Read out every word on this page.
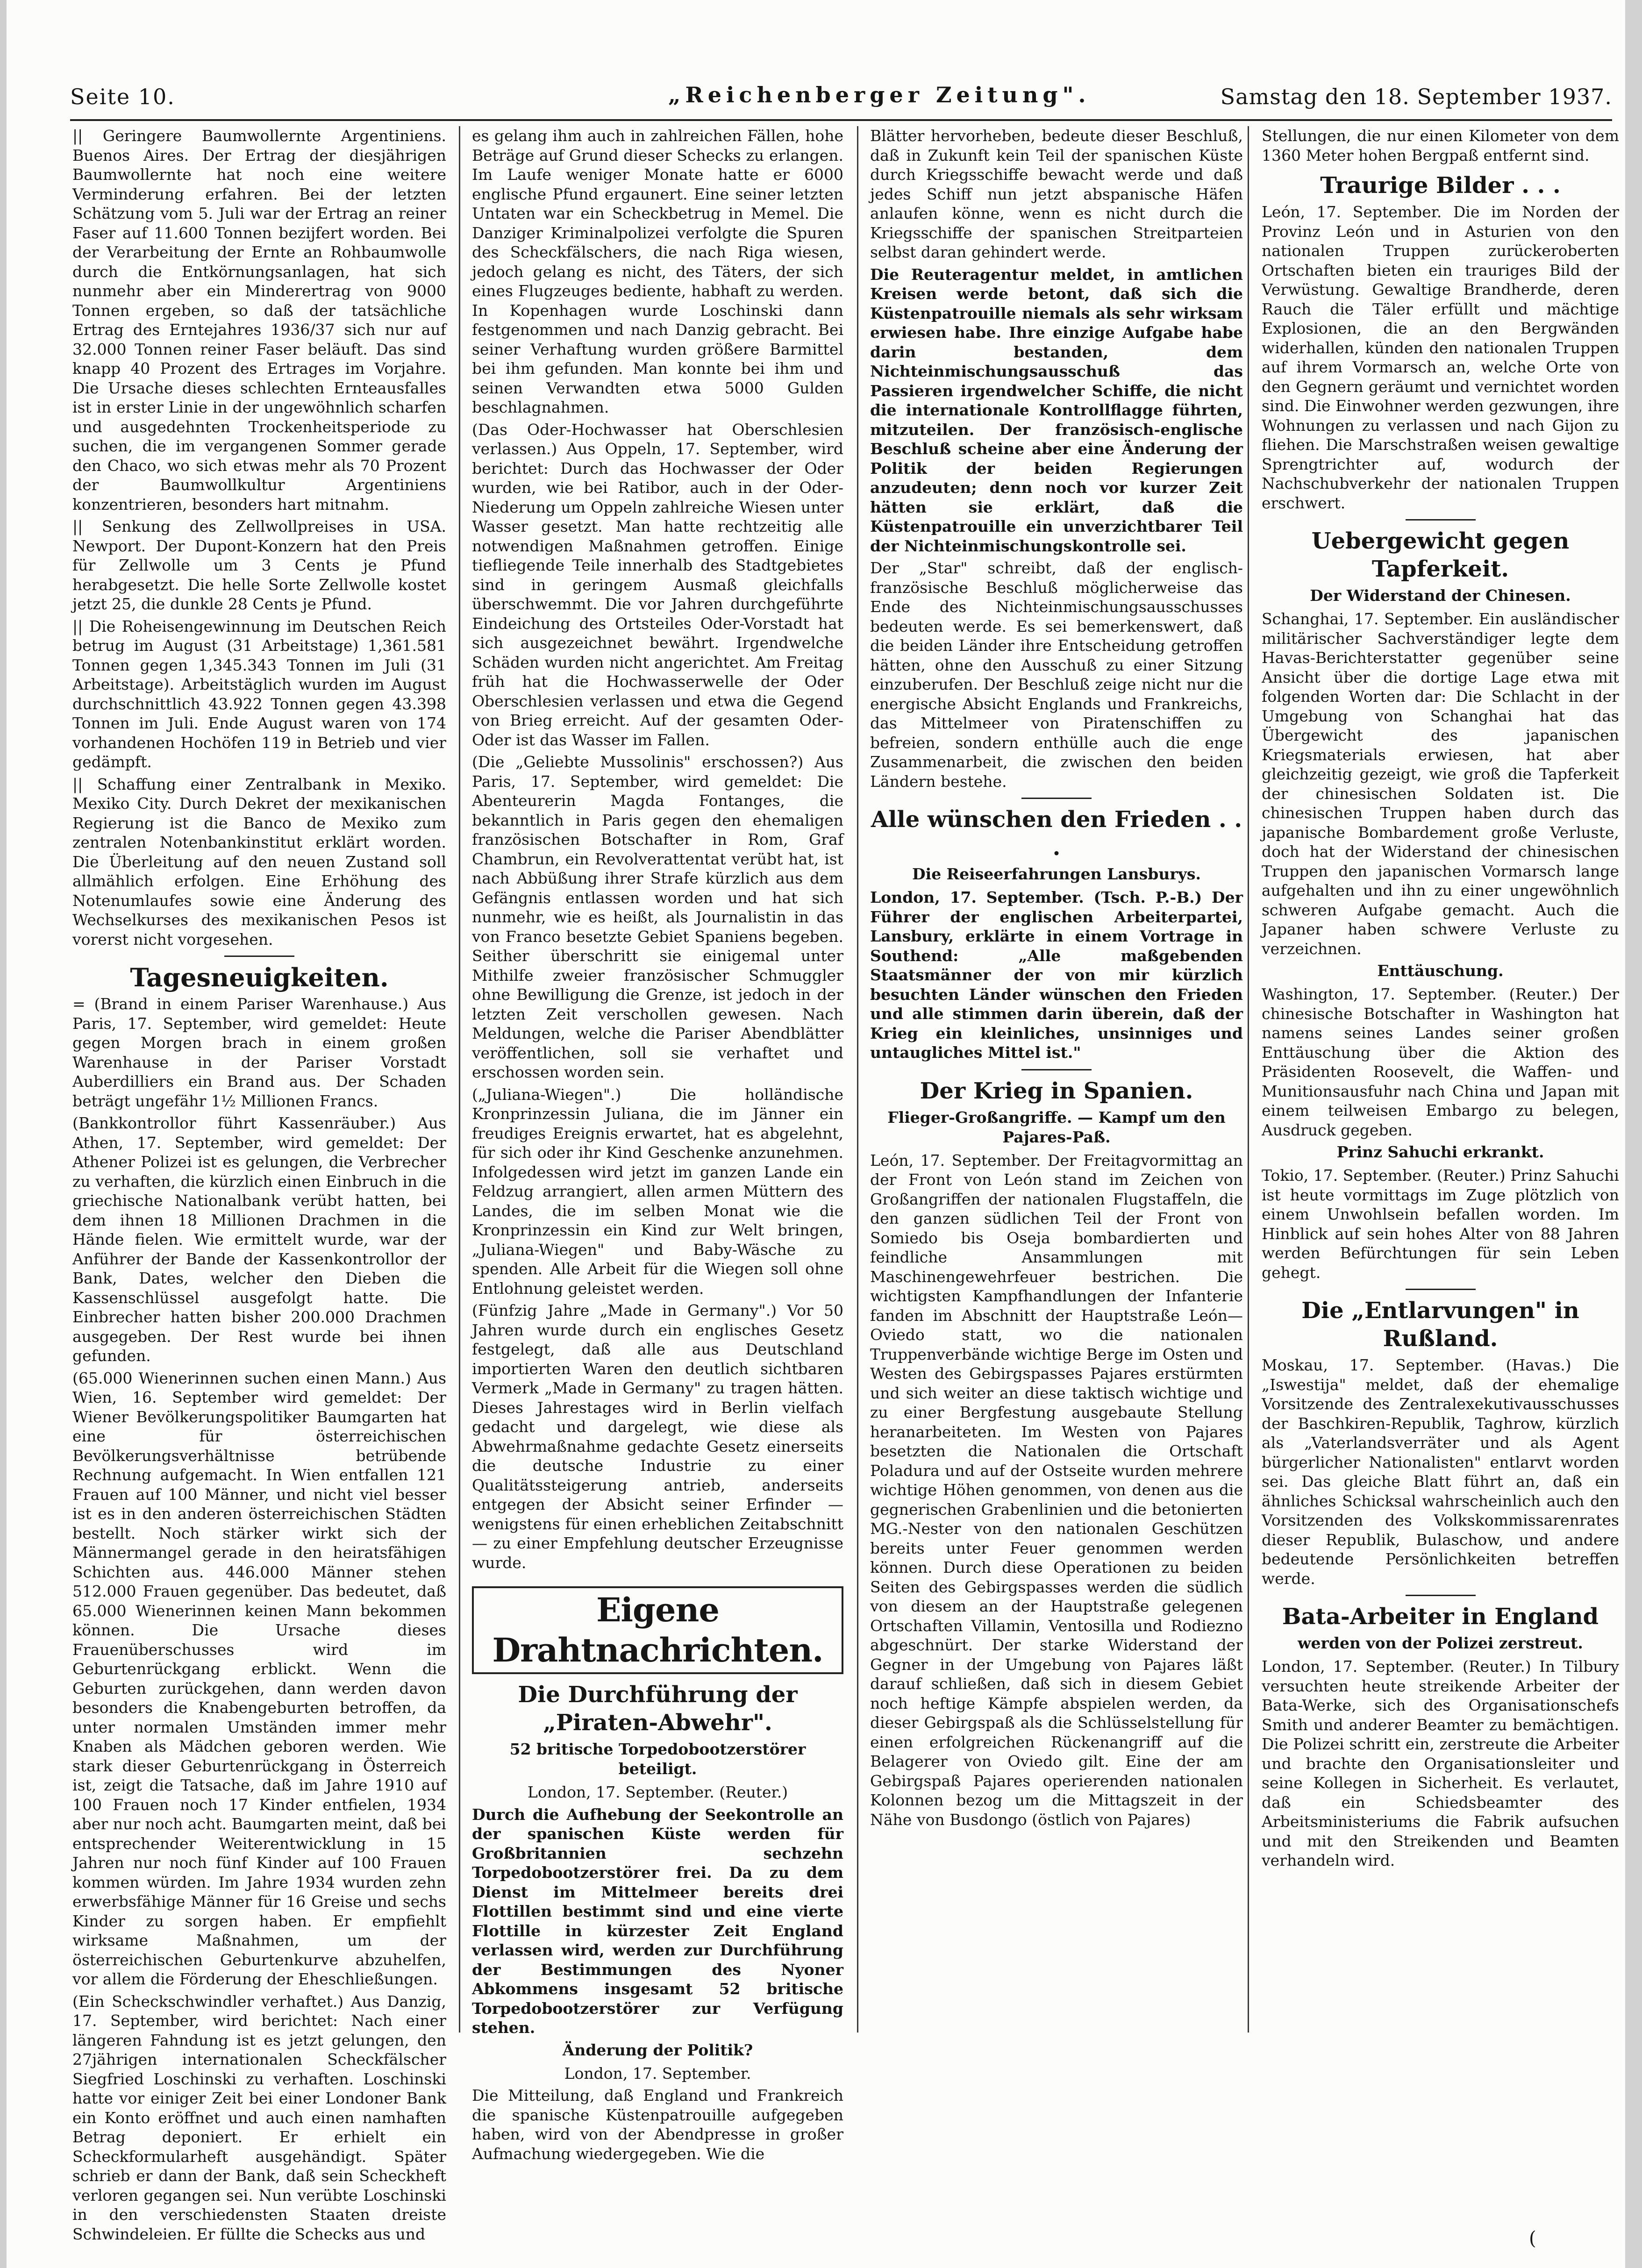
Seite 10.	„Reichenberger Zeitung".	Samstag den 18. September 1937.

|| Geringere Baumwollernte Argentiniens. Buenos Aires. Der Ertrag der diesjährigen Baumwollernte hat noch eine weitere Verminderung erfahren. Bei der letzten Schätzung vom 5. Juli war der Ertrag an reiner Faser auf 11.600 Tonnen bezijfert worden. Bei der Verarbeitung der Ernte an Rohbaumwolle durch die Entkörnungsanlagen, hat sich nunmehr aber ein Minderertrag von 9000 Tonnen ergeben, so daß der tatsächliche Ertrag des Erntejahres 1936/37 sich nur auf 32.000 Tonnen reiner Faser beläuft. Das sind knapp 40 Prozent des Ertrages im Vorjahre. Die Ursache dieses schlechten Ernteausfalles ist in erster Linie in der ungewöhnlich scharfen und ausgedehnten Trockenheitsperiode zu suchen, die im vergangenen Sommer gerade den Chaco, wo sich etwas mehr als 70 Prozent der Baumwollkultur Argentiniens konzentrieren, besonders hart mitnahm.

|| Senkung des Zellwollpreises in USA. Newport. Der Dupont-Konzern hat den Preis für Zellwolle um 3 Cents je Pfund herabgesetzt. Die helle Sorte Zellwolle kostet jetzt 25, die dunkle 28 Cents je Pfund.

|| Die Roheisengewinnung im Deutschen Reich betrug im August (31 Arbeitstage) 1,361.581 Tonnen gegen 1,345.343 Tonnen im Juli (31 Arbeitstage). Arbeitstäglich wurden im August durchschnittlich 43.922 Tonnen gegen 43.398 Tonnen im Juli. Ende August waren von 174 vorhandenen Hochöfen 119 in Betrieb und vier gedämpft.

|| Schaffung einer Zentralbank in Mexiko. Mexiko City. Durch Dekret der mexikanischen Regierung ist die Banco de Mexiko zum zentralen Notenbankinstitut erklärt worden. Die Überleitung auf den neuen Zustand soll allmählich erfolgen. Eine Erhöhung des Notenumlaufes sowie eine Änderung des Wechselkurses des mexikanischen Pesos ist vorerst nicht vorgesehen.

Tagesneuigkeiten.

= (Brand in einem Pariser Warenhause.) Aus Paris, 17. September, wird gemeldet: Heute gegen Morgen brach in einem großen Warenhause in der Pariser Vorstadt Auberdilliers ein Brand aus. Der Schaden beträgt ungefähr 1½ Millionen Francs.

(Bankkontrollor führt Kassenräuber.) Aus Athen, 17. September, wird gemeldet: Der Athener Polizei ist es gelungen, die Verbrecher zu verhaften, die kürzlich einen Einbruch in die griechische Nationalbank verübt hatten, bei dem ihnen 18 Millionen Drachmen in die Hände fielen. Wie ermittelt wurde, war der Anführer der Bande der Kassenkontrollor der Bank, Dates, welcher den Dieben die Kassenschlüssel ausgefolgt hatte. Die Einbrecher hatten bisher 200.000 Drachmen ausgegeben. Der Rest wurde bei ihnen gefunden.

(65.000 Wienerinnen suchen einen Mann.) Aus Wien, 16. September wird gemeldet: Der Wiener Bevölkerungspolitiker Baumgarten hat eine für österreichischen Bevölkerungsverhältnisse betrübende Rechnung aufgemacht. In Wien entfallen 121 Frauen auf 100 Männer, und nicht viel besser ist es in den anderen österreichischen Städten bestellt. Noch stärker wirkt sich der Männermangel gerade in den heiratsfähigen Schichten aus. 446.000 Männer stehen 512.000 Frauen gegenüber. Das bedeutet, daß 65.000 Wienerinnen keinen Mann bekommen können. Die Ursache dieses Frauenüberschusses wird im Geburtenrückgang erblickt. Wenn die Geburten zurückgehen, dann werden davon besonders die Knabengeburten betroffen, da unter normalen Umständen immer mehr Knaben als Mädchen geboren werden. Wie stark dieser Geburtenrückgang in Österreich ist, zeigt die Tatsache, daß im Jahre 1910 auf 100 Frauen noch 17 Kinder entfielen, 1934 aber nur noch acht. Baumgarten meint, daß bei entsprechender Weiterentwicklung in 15 Jahren nur noch fünf Kinder auf 100 Frauen kommen würden. Im Jahre 1934 wurden zehn erwerbsfähige Männer für 16 Greise und sechs Kinder zu sorgen haben. Er empfiehlt wirksame Maßnahmen, um der österreichischen Geburtenkurve abzuhelfen, vor allem die Förderung der Eheschließungen.

(Ein Scheckschwindler verhaftet.) Aus Danzig, 17. September, wird berichtet: Nach einer längeren Fahndung ist es jetzt gelungen, den 27jährigen internationalen Scheckfälscher Siegfried Loschinski zu verhaften. Loschinski hatte vor einiger Zeit bei einer Londoner Bank ein Konto eröffnet und auch einen namhaften Betrag deponiert. Er erhielt ein Scheckformularheft ausgehändigt. Später schrieb er dann der Bank, daß sein Scheckheft verloren gegangen sei. Nun verübte Loschinski in den verschiedensten Staaten dreiste Schwindeleien. Er füllte die Schecks aus und

es gelang ihm auch in zahlreichen Fällen, hohe Beträge auf Grund dieser Schecks zu erlangen. Im Laufe weniger Monate hatte er 6000 englische Pfund ergaunert. Eine seiner letzten Untaten war ein Scheckbetrug in Memel. Die Danziger Kriminalpolizei verfolgte die Spuren des Scheckfälschers, die nach Riga wiesen, jedoch gelang es nicht, des Täters, der sich eines Flugzeuges bediente, habhaft zu werden. In Kopenhagen wurde Loschinski dann festgenommen und nach Danzig gebracht. Bei seiner Verhaftung wurden größere Barmittel bei ihm gefunden. Man konnte bei ihm und seinen Verwandten etwa 5000 Gulden beschlagnahmen.

(Das Oder-Hochwasser hat Oberschlesien verlassen.) Aus Oppeln, 17. September, wird berichtet: Durch das Hochwasser der Oder wurden, wie bei Ratibor, auch in der Oder-Niederung um Oppeln zahlreiche Wiesen unter Wasser gesetzt. Man hatte rechtzeitig alle notwendigen Maßnahmen getroffen. Einige tiefliegende Teile innerhalb des Stadtgebietes sind in geringem Ausmaß gleichfalls überschwemmt. Die vor Jahren durchgeführte Eindeichung des Ortsteiles Oder-Vorstadt hat sich ausgezeichnet bewährt. Irgendwelche Schäden wurden nicht angerichtet. Am Freitag früh hat die Hochwasserwelle der Oder Oberschlesien verlassen und etwa die Gegend von Brieg erreicht. Auf der gesamten Oder-Oder ist das Wasser im Fallen.

(Die „Geliebte Mussolinis" erschossen?) Aus Paris, 17. September, wird gemeldet: Die Abenteurerin Magda Fontanges, die bekanntlich in Paris gegen den ehemaligen französischen Botschafter in Rom, Graf Chambrun, ein Revolverattentat verübt hat, ist nach Abbüßung ihrer Strafe kürzlich aus dem Gefängnis entlassen worden und hat sich nunmehr, wie es heißt, als Journalistin in das von Franco besetzte Gebiet Spaniens begeben. Seither überschritt sie einigemal unter Mithilfe zweier französischer Schmuggler ohne Bewilligung die Grenze, ist jedoch in der letzten Zeit verschollen gewesen. Nach Meldungen, welche die Pariser Abendblätter veröffentlichen, soll sie verhaftet und erschossen worden sein.

(„Juliana-Wiegen".) Die holländische Kronprinzessin Juliana, die im Jänner ein freudiges Ereignis erwartet, hat es abgelehnt, für sich oder ihr Kind Geschenke anzunehmen. Infolgedessen wird jetzt im ganzen Lande ein Feldzug arrangiert, allen armen Müttern des Landes, die im selben Monat wie die Kronprinzessin ein Kind zur Welt bringen, „Juliana-Wiegen" und Baby-Wäsche zu spenden. Alle Arbeit für die Wiegen soll ohne Entlohnung geleistet werden.

(Fünfzig Jahre „Made in Germany".) Vor 50 Jahren wurde durch ein englisches Gesetz festgelegt, daß alle aus Deutschland importierten Waren den deutlich sichtbaren Vermerk „Made in Germany" zu tragen hätten. Dieses Jahrestages wird in Berlin vielfach gedacht und dargelegt, wie diese als Abwehrmaßnahme gedachte Gesetz einerseits die deutsche Industrie zu einer Qualitätssteigerung antrieb, anderseits entgegen der Absicht seiner Erfinder — wenigstens für einen erheblichen Zeitabschnitt — zu einer Empfehlung deutscher Erzeugnisse wurde.

Eigene Drahtnachrichten.
Die Durchführung der „Piraten-Abwehr".
52 britische Torpedobootzerstörer beteiligt.

London, 17. September. (Reuter.)

Durch die Aufhebung der Seekontrolle an der spanischen Küste werden für Großbritannien sechzehn Torpedobootzerstörer frei. Da zu dem Dienst im Mittelmeer bereits drei Flottillen bestimmt sind und eine vierte Flottille in kürzester Zeit England verlassen wird, werden zur Durchführung der Bestimmungen des Nyoner Abkommens insgesamt 52 britische Torpedobootzerstörer zur Verfügung stehen.

Änderung der Politik?

London, 17. September.

Die Mitteilung, daß England und Frankreich die spanische Küstenpatrouille aufgegeben haben, wird von der Abendpresse in großer Aufmachung wiedergegeben. Wie die

Blätter hervorheben, bedeute dieser Beschluß, daß in Zukunft kein Teil der spanischen Küste durch Kriegsschiffe bewacht werde und daß jedes Schiff nun jetzt abspanische Häfen anlaufen könne, wenn es nicht durch die Kriegsschiffe der spanischen Streitparteien selbst daran gehindert werde.

Die Reuteragentur meldet, in amtlichen Kreisen werde betont, daß sich die Küstenpatrouille niemals als sehr wirksam erwiesen habe. Ihre einzige Aufgabe habe darin bestanden, dem Nichteinmischungsausschuß das Passieren irgendwelcher Schiffe, die nicht die internationale Kontrollflagge führten, mitzuteilen. Der französisch-englische Beschluß scheine aber eine Änderung der Politik der beiden Regierungen anzudeuten; denn noch vor kurzer Zeit hätten sie erklärt, daß die Küstenpatrouille ein unverzichtbarer Teil der Nichteinmischungskontrolle sei.

Der „Star" schreibt, daß der englisch-französische Beschluß möglicherweise das Ende des Nichteinmischungsausschusses bedeuten werde. Es sei bemerkenswert, daß die beiden Länder ihre Entscheidung getroffen hätten, ohne den Ausschuß zu einer Sitzung einzuberufen. Der Beschluß zeige nicht nur die energische Absicht Englands und Frankreichs, das Mittelmeer von Piratenschiffen zu befreien, sondern enthülle auch die enge Zusammenarbeit, die zwischen den beiden Ländern bestehe.

Alle wünschen den Frieden . . .
Die Reiseerfahrungen Lansburys.

London, 17. September. (Tsch. P.-B.) Der Führer der englischen Arbeiterpartei, Lansbury, erklärte in einem Vortrage in Southend: „Alle maßgebenden Staatsmänner der von mir kürzlich besuchten Länder wünschen den Frieden und alle stimmen darin überein, daß der Krieg ein kleinliches, unsinniges und untaugliches Mittel ist."

Der Krieg in Spanien.
Flieger-Großangriffe. — Kampf um den Pajares-Paß.

León, 17. September. Der Freitagvormittag an der Front von León stand im Zeichen von Großangriffen der nationalen Flugstaffeln, die den ganzen südlichen Teil der Front von Somiedo bis Oseja bombardierten und feindliche Ansammlungen mit Maschinengewehrfeuer bestrichen. Die wichtigsten Kampfhandlungen der Infanterie fanden im Abschnitt der Hauptstraße León—Oviedo statt, wo die nationalen Truppenverbände wichtige Berge im Osten und Westen des Gebirgspasses Pajares erstürmten und sich weiter an diese taktisch wichtige und zu einer Bergfestung ausgebaute Stellung heranarbeiteten. Im Westen von Pajares besetzten die Nationalen die Ortschaft Poladura und auf der Ostseite wurden mehrere wichtige Höhen genommen, von denen aus die gegnerischen Grabenlinien und die betonierten MG.-Nester von den nationalen Geschützen bereits unter Feuer genommen werden können. Durch diese Operationen zu beiden Seiten des Gebirgspasses werden die südlich von diesem an der Hauptstraße gelegenen Ortschaften Villamin, Ventosilla und Rodiezno abgeschnürt. Der starke Widerstand der Gegner in der Umgebung von Pajares läßt darauf schließen, daß sich in diesem Gebiet noch heftige Kämpfe abspielen werden, da dieser Gebirgspaß als die Schlüsselstellung für einen erfolgreichen Rückenangriff auf die Belagerer von Oviedo gilt. Eine der am Gebirgspaß Pajares operierenden nationalen Kolonnen bezog um die Mittagszeit in der Nähe von Busdongo (östlich von Pajares)

Stellungen, die nur einen Kilometer von dem 1360 Meter hohen Bergpaß entfernt sind.

Traurige Bilder . . .

León, 17. September. Die im Norden der Provinz León und in Asturien von den nationalen Truppen zurückeroberten Ortschaften bieten ein trauriges Bild der Verwüstung. Gewaltige Brandherde, deren Rauch die Täler erfüllt und mächtige Explosionen, die an den Bergwänden widerhallen, künden den nationalen Truppen auf ihrem Vormarsch an, welche Orte von den Gegnern geräumt und vernichtet worden sind. Die Einwohner werden gezwungen, ihre Wohnungen zu verlassen und nach Gijon zu fliehen. Die Marschstraßen weisen gewaltige Sprengtrichter auf, wodurch der Nachschubverkehr der nationalen Truppen erschwert.

Uebergewicht gegen Tapferkeit.
Der Widerstand der Chinesen.

Schanghai, 17. September. Ein ausländischer militärischer Sachverständiger legte dem Havas-Berichterstatter gegenüber seine Ansicht über die dortige Lage etwa mit folgenden Worten dar: Die Schlacht in der Umgebung von Schanghai hat das Übergewicht des japanischen Kriegsmaterials erwiesen, hat aber gleichzeitig gezeigt, wie groß die Tapferkeit der chinesischen Soldaten ist. Die chinesischen Truppen haben durch das japanische Bombardement große Verluste, doch hat der Widerstand der chinesischen Truppen den japanischen Vormarsch lange aufgehalten und ihn zu einer ungewöhnlich schweren Aufgabe gemacht. Auch die Japaner haben schwere Verluste zu verzeichnen.

Enttäuschung.

Washington, 17. September. (Reuter.) Der chinesische Botschafter in Washington hat namens seines Landes seiner großen Enttäuschung über die Aktion des Präsidenten Roosevelt, die Waffen- und Munitionsausfuhr nach China und Japan mit einem teilweisen Embargo zu belegen, Ausdruck gegeben.

Prinz Sahuchi erkrankt.

Tokio, 17. September. (Reuter.) Prinz Sahuchi ist heute vormittags im Zuge plötzlich von einem Unwohlsein befallen worden. Im Hinblick auf sein hohes Alter von 88 Jahren werden Befürchtungen für sein Leben gehegt.

Die „Entlarvungen" in Rußland.

Moskau, 17. September. (Havas.) Die „Iswestija" meldet, daß der ehemalige Vorsitzende des Zentralexekutivausschusses der Baschkiren-Republik, Taghrow, kürzlich als „Vaterlandsverräter und als Agent bürgerlicher Nationalisten" entlarvt worden sei. Das gleiche Blatt führt an, daß ein ähnliches Schicksal wahrscheinlich auch den Vorsitzenden des Volkskommissarenrates dieser Republik, Bulaschow, und andere bedeutende Persönlichkeiten betreffen werde.

Bata-Arbeiter in England
werden von der Polizei zerstreut.

London, 17. September. (Reuter.) In Tilbury versuchten heute streikende Arbeiter der Bata-Werke, sich des Organisationschefs Smith und anderer Beamter zu bemächtigen. Die Polizei schritt ein, zerstreute die Arbeiter und brachte den Organisationsleiter und seine Kollegen in Sicherheit. Es verlautet, daß ein Schiedsbeamter des Arbeitsministeriums die Fabrik aufsuchen und mit den Streikenden und Beamten verhandeln wird.

(
